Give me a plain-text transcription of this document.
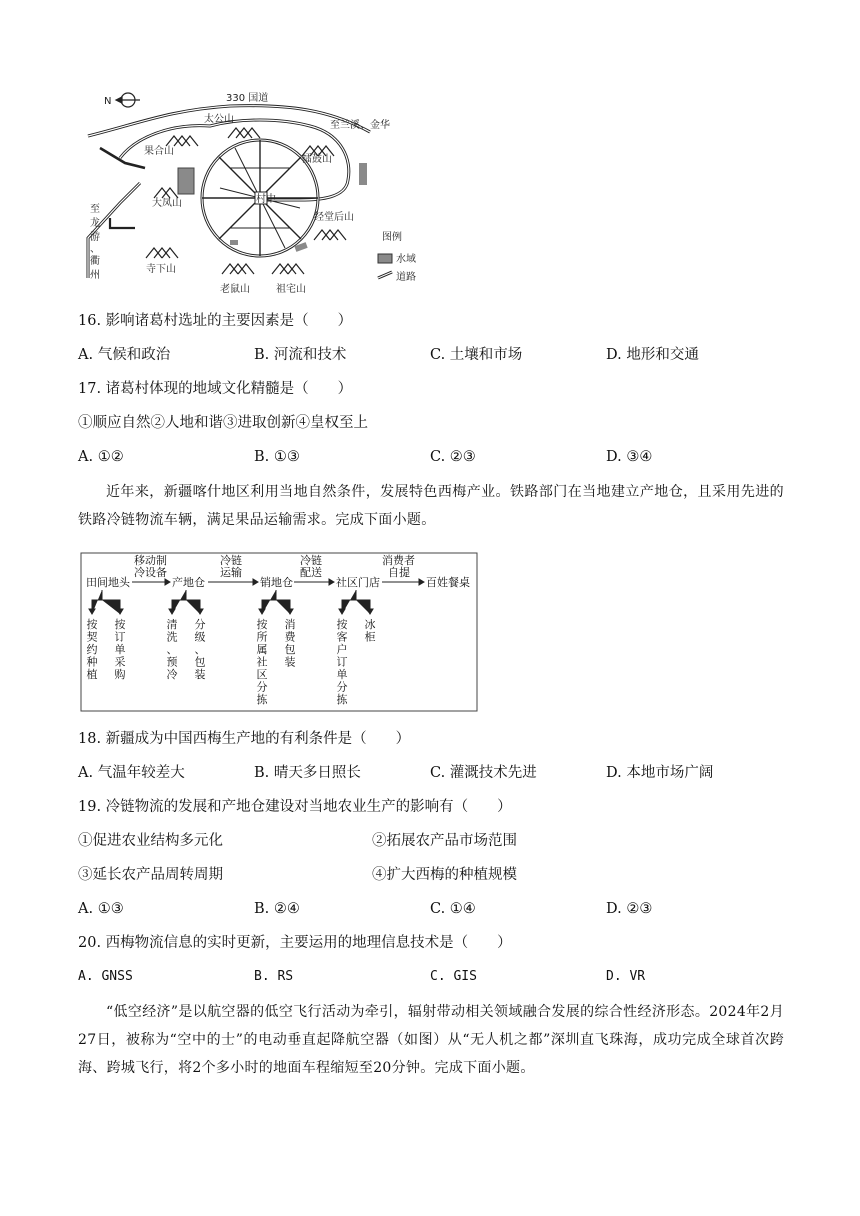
N	330 国道
村中
太公山
果合山
擂鼓山
大凤山
经堂后山
寺下山
老鼠山	祖宅山
至兰溪、金华
至
龙
游
、
衢
州
图例
水域
道路
16. 影响诸葛村选址的主要因素是（　　）
A. 气候和政治	B. 河流和技术	C. 土壤和市场	D. 地形和交通
17. 诸葛村体现的地域文化精髓是（　　）
①顺应自然②人地和谐③进取创新④皇权至上
A. ①②	B. ①③	C. ②③	D. ③④
近年来，新疆喀什地区利用当地自然条件，发展特色西梅产业。铁路部门在当地建立产地仓，且采用先进的铁路冷链物流车辆，满足果品运输需求。完成下面小题。
田间地头	产地仓	销地仓	社区门店	百姓餐桌
移动制
冷设备
冷链
运输
冷链
配送
消费者
自提
按契约种植
按订单采购
清洗、预冷
分级、包装
按所属社区分拣
消费包装
按客户订单分拣
冰柜
18. 新疆成为中国西梅生产地的有利条件是（　　）
A. 气温年较差大	B. 晴天多日照长	C. 灌溉技术先进	D. 本地市场广阔
19. 冷链物流的发展和产地仓建设对当地农业生产的影响有（　　）
①促进农业结构多元化	②拓展农产品市场范围
③延长农产品周转周期	④扩大西梅的种植规模
A. ①③	B. ②④	C. ①④	D. ②③
20. 西梅物流信息的实时更新，主要运用的地理信息技术是（　　）
A. GNSS	B. RS	C. GIS	D. VR
“低空经济”是以航空器的低空飞行活动为牵引，辐射带动相关领域融合发展的综合性经济形态。2024年2月27日，被称为“空中的士”的电动垂直起降航空器（如图）从“无人机之都”深圳直飞珠海，成功完成全球首次跨海、跨城飞行，将2个多小时的地面车程缩短至20分钟。完成下面小题。
